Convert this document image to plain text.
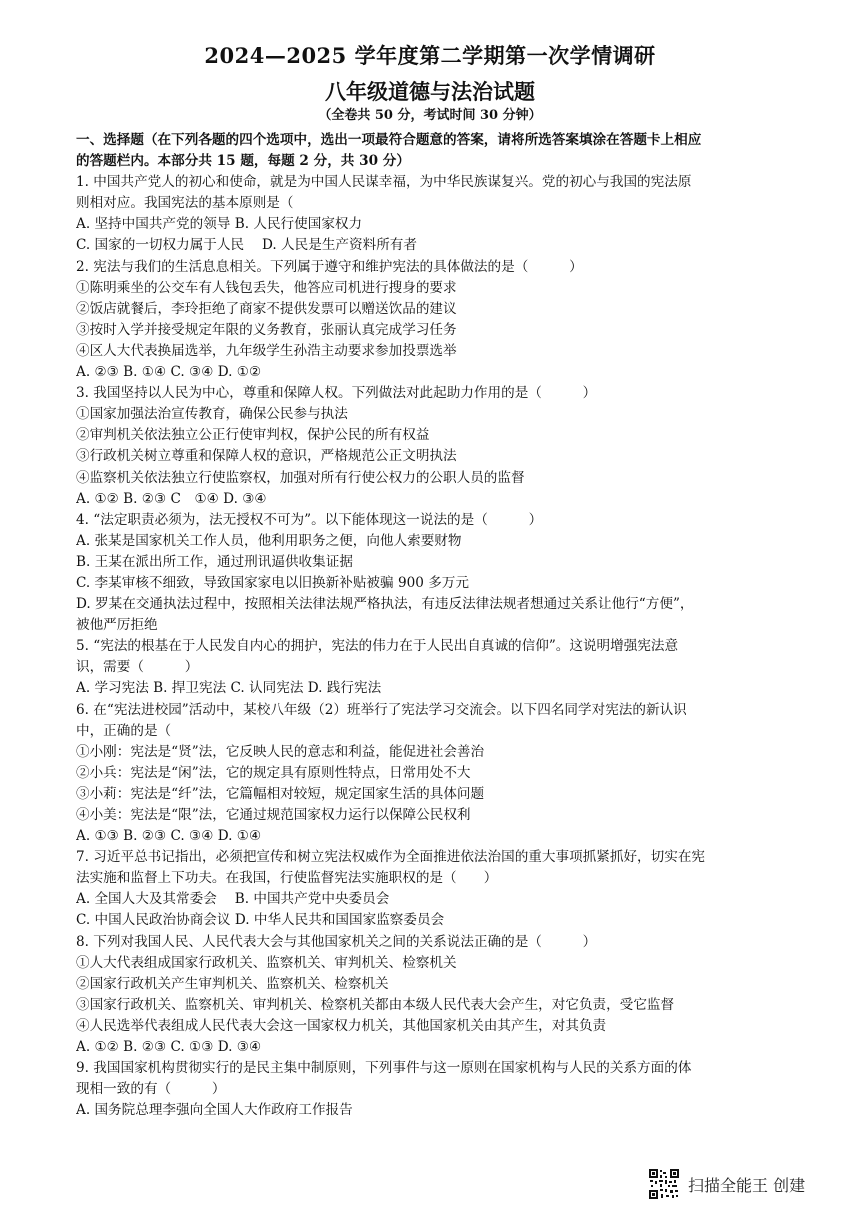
2024—2025 学年度第二学期第一次学情调研
八年级道德与法治试题
（全卷共 50 分，考试时间 30 分钟）
一、选择题（在下列各题的四个选项中，选出一项最符合题意的答案，请将所选答案填涂在答题卡上相应
的答题栏内。本部分共 15 题，每题 2 分，共 30 分）
1. 中国共产党人的初心和使命，就是为中国人民谋幸福，为中华民族谋复兴。党的初心与我国的宪法原
则相对应。我国宪法的基本原则是（
A. 坚持中国共产党的领导 B. 人民行使国家权力
C. 国家的一切权力属于人民　 D. 人民是生产资料所有者
2. 宪法与我们的生活息息相关。下列属于遵守和维护宪法的具体做法的是（　　　）
①陈明乘坐的公交车有人钱包丢失，他答应司机进行搜身的要求
②饭店就餐后，李玲拒绝了商家不提供发票可以赠送饮品的建议
③按时入学并接受规定年限的义务教育，张丽认真完成学习任务
④区人大代表换届选举，九年级学生孙浩主动要求参加投票选举
A. ②③ B. ①④ C. ③④ D. ①②
3. 我国坚持以人民为中心，尊重和保障人权。下列做法对此起助力作用的是（　　　）
①国家加强法治宣传教育，确保公民参与执法
②审判机关依法独立公正行使审判权，保护公民的所有权益
③行政机关树立尊重和保障人权的意识，严格规范公正文明执法
④监察机关依法独立行使监察权，加强对所有行使公权力的公职人员的监督
A. ①② B. ②③ C　①④ D. ③④
4. “法定职责必须为，法无授权不可为”。以下能体现这一说法的是（　　　）
A. 张某是国家机关工作人员，他利用职务之便，向他人索要财物
B. 王某在派出所工作，通过刑讯逼供收集证据
C. 李某审核不细致，导致国家家电以旧换新补贴被骗 900 多万元
D. 罗某在交通执法过程中，按照相关法律法规严格执法，有违反法律法规者想通过关系让他行“方便”，
被他严厉拒绝
5. “宪法的根基在于人民发自内心的拥护，宪法的伟力在于人民出自真诚的信仰”。这说明增强宪法意
识，需要（　　　）
A. 学习宪法 B. 捍卫宪法 C. 认同宪法 D. 践行宪法
6. 在“宪法进校园”活动中，某校八年级（2）班举行了宪法学习交流会。以下四名同学对宪法的新认识
中，正确的是（
①小刚：宪法是“贤”法，它反映人民的意志和利益，能促进社会善治
②小兵：宪法是“闲”法，它的规定具有原则性特点，日常用处不大
③小莉：宪法是“纤”法，它篇幅相对较短，规定国家生活的具体问题
④小美：宪法是“限”法，它通过规范国家权力运行以保障公民权利
A. ①③ B. ②③ C. ③④ D. ①④
7. 习近平总书记指出，必须把宣传和树立宪法权威作为全面推进依法治国的重大事项抓紧抓好，切实在宪
法实施和监督上下功夫。在我国，行使监督宪法实施职权的是（　　）
A. 全国人大及其常委会　 B. 中国共产党中央委员会
C. 中国人民政治协商会议 D. 中华人民共和国国家监察委员会
8. 下列对我国人民、人民代表大会与其他国家机关之间的关系说法正确的是（　　　）
①人大代表组成国家行政机关、监察机关、审判机关、检察机关
②国家行政机关产生审判机关、监察机关、检察机关
③国家行政机关、监察机关、审判机关、检察机关都由本级人民代表大会产生，对它负责，受它监督
④人民选举代表组成人民代表大会这一国家权力机关，其他国家机关由其产生，对其负责
A. ①② B. ②③ C. ①③ D. ③④
9. 我国国家机构贯彻实行的是民主集中制原则，下列事件与这一原则在国家机构与人民的关系方面的体
现相一致的有（　　　）
A. 国务院总理李强向全国人大作政府工作报告
扫描全能王 创建
